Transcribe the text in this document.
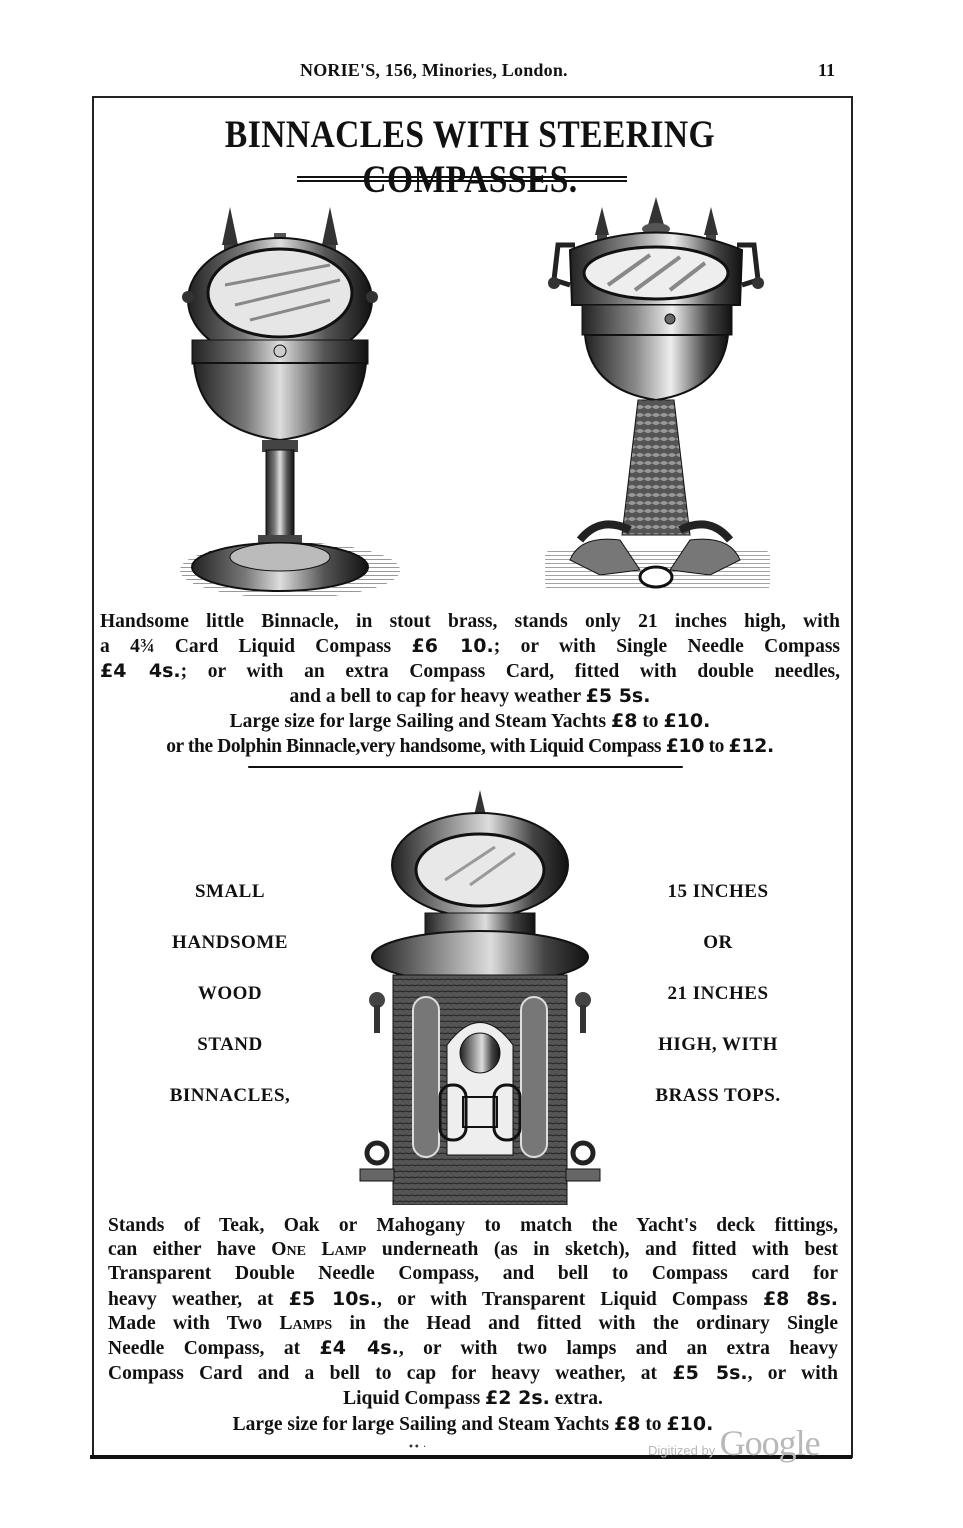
NORIE'S, 156, Minories, London.	11
BINNACLES WITH STEERING COMPASSES.
Handsome little Binnacle, in stout brass, stands only 21 inches high, with
a 4¾ Card Liquid Compass £6 10.; or with Single Needle Compass
£4 4s.; or with an extra Compass Card, fitted with double needles,
and a bell to cap for heavy weather £5 5s.
Large size for large Sailing and Steam Yachts £8 to £10.
or the Dolphin Binnacle,very handsome, with Liquid Compass £10 to £12.
SMALL
HANDSOME
WOOD
STAND
BINNACLES,
15 INCHES
OR
21 INCHES
HIGH, WITH
BRASS TOPS.
Stands of Teak, Oak or Mahogany to match the Yacht's deck fittings,
can either have One Lamp underneath (as in sketch), and fitted with best
Transparent Double Needle Compass, and bell to Compass card for
heavy weather, at £5 10s., or with Transparent Liquid Compass £8 8s.
Made with Two Lamps in the Head and fitted with the ordinary Single
Needle Compass, at £4 4s., or with two lamps and an extra heavy
Compass Card and a bell to cap for heavy weather, at £5 5s., or with
Liquid Compass £2 2s. extra.
Large size for large Sailing and Steam Yachts £8 to £10.
•• ·	Digitized by Google
